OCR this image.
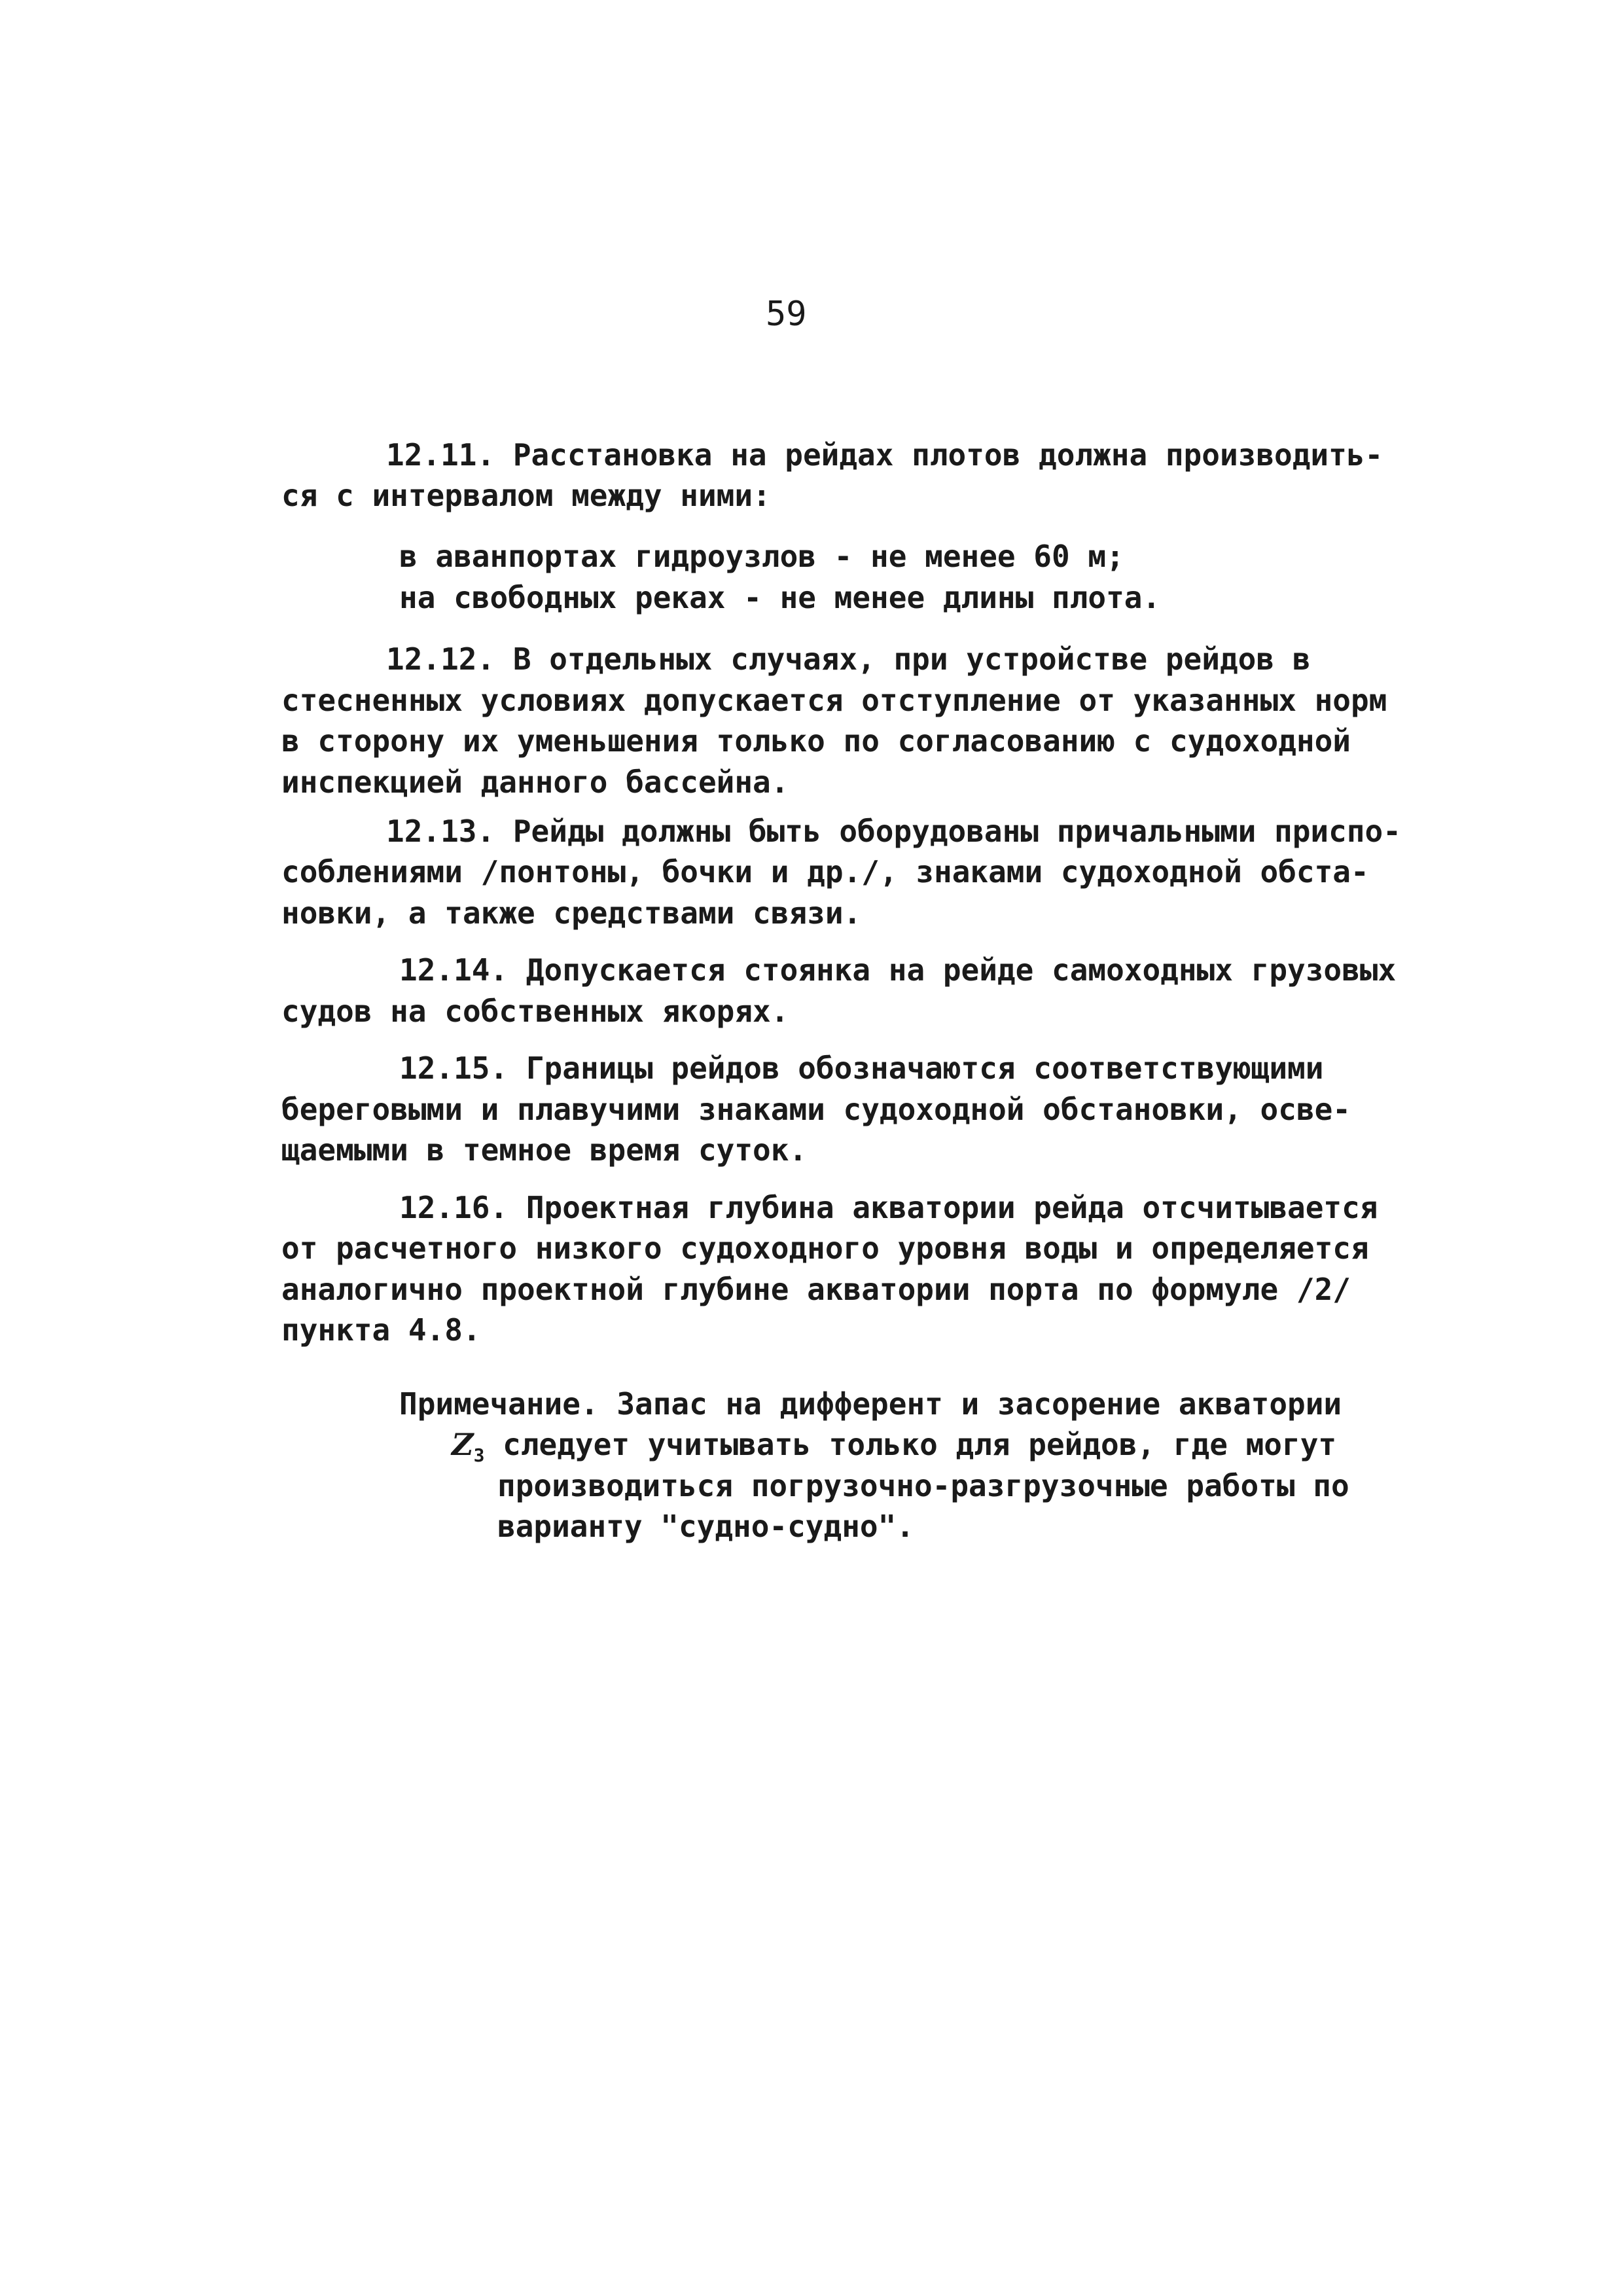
59
12.11. Расстановка на рейдах плотов должна производить-
ся с интервалом между ними:
в аванпортах гидроузлов - не менее 60 м;
на свободных реках - не менее длины плота.
12.12. В отдельных случаях, при устройстве рейдов в
стесненных условиях допускается отступление от указанных норм
в сторону их уменьшения только по согласованию с судоходной
инспекцией данного бассейна.
12.13. Рейды должны быть оборудованы причальными приспо-
соблениями /понтоны, бочки и др./, знаками судоходной обста-
новки, а также средствами связи.
12.14. Допускается стоянка на рейде самоходных грузовых
судов на собственных якорях.
12.15. Границы рейдов обозначаются соответствующими
береговыми и плавучими знаками судоходной обстановки, осве-
щаемыми в темное время суток.
12.16. Проектная глубина акватории рейда отсчитывается
от расчетного низкого судоходного уровня воды и определяется
аналогично проектной глубине акватории порта по формуле /2/
пункта 4.8.
Примечание. Запас на дифферент и засорение акватории
$Z_3$ следует учитывать только для рейдов, где могут
производиться погрузочно-разгрузочные работы по
варианту "судно-судно".
